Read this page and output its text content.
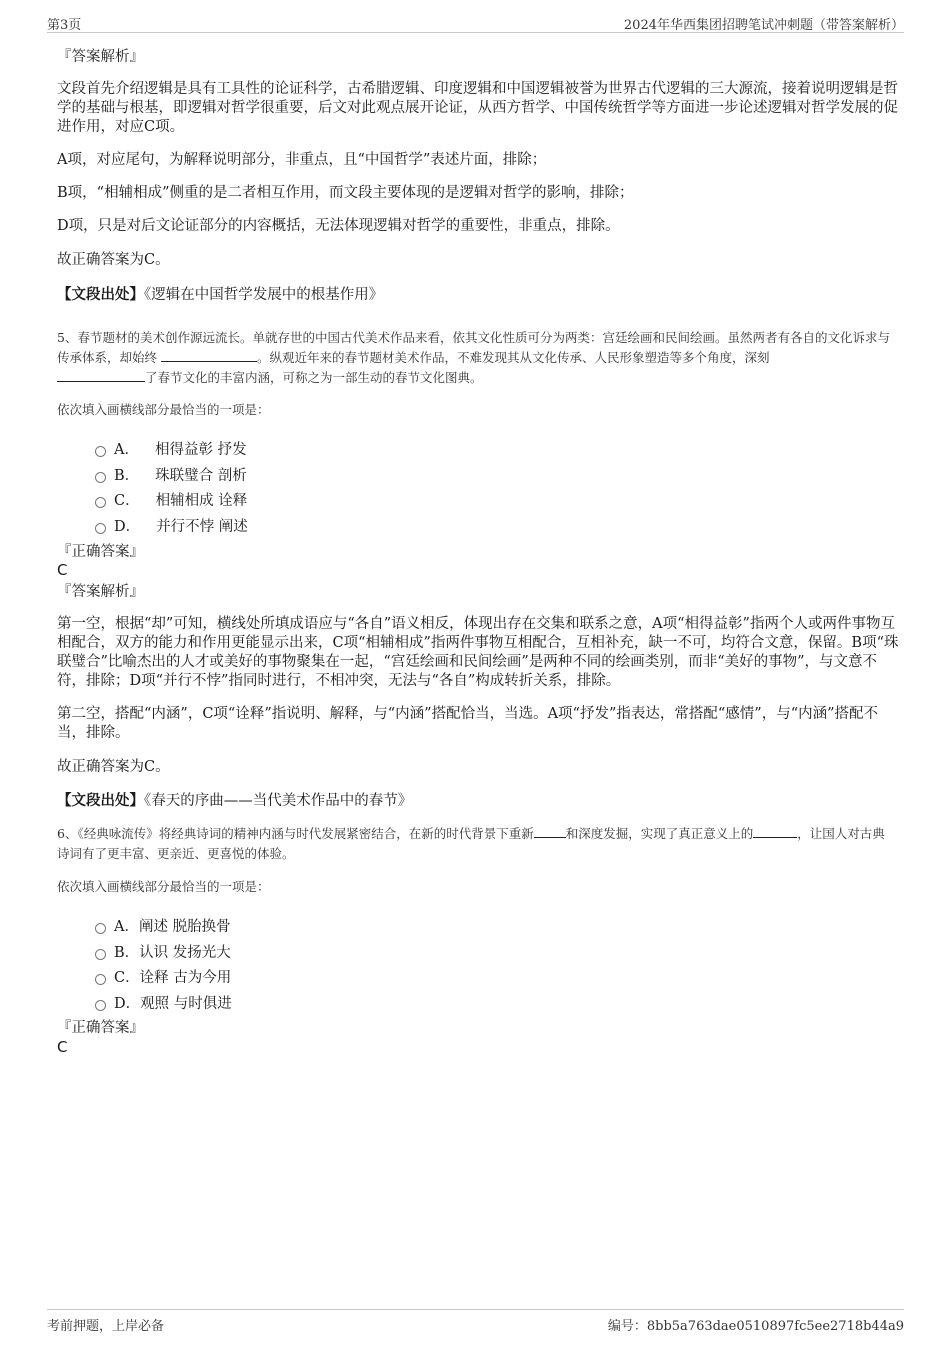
第3页	2024年华西集团招聘笔试冲刺题（带答案解析）

『答案解析』

文段首先介绍逻辑是具有工具性的论证科学，古希腊逻辑、印度逻辑和中国逻辑被誉为世界古代逻辑的三大源流，接着说明逻辑是哲学的基础与根基，即逻辑对哲学很重要，后文对此观点展开论证，从西方哲学、中国传统哲学等方面进一步论述逻辑对哲学发展的促进作用，对应C项。

A项，对应尾句，为解释说明部分，非重点，且“中国哲学”表述片面，排除；

B项，“相辅相成”侧重的是二者相互作用，而文段主要体现的是逻辑对哲学的影响，排除；

D项，只是对后文论证部分的内容概括，无法体现逻辑对哲学的重要性，非重点，排除。

故正确答案为C。

【文段出处】《逻辑在中国哲学发展中的根基作用》

5、春节题材的美术创作源远流长。单就存世的中国古代美术作品来看，依其文化性质可分为两类：宫廷绘画和民间绘画。虽然两者有各自的文化诉求与传承体系，却始终	。纵观近年来的春节题材美术作品，不难发现其从文化传承、人民形象塑造等多个角度，深刻
了春节文化的丰富内涵，可称之为一部生动的春节文化图典。

依次填入画横线部分最恰当的一项是：

A． 相得益彰 抒发
B． 珠联璧合 剖析
C． 相辅相成 诠释
D． 并行不悖 阐述

『正确答案』

C

『答案解析』

第一空，根据“却”可知，横线处所填成语应与“各自”语义相反，体现出存在交集和联系之意，A项“相得益彰”指两个人或两件事物互相配合，双方的能力和作用更能显示出来，C项“相辅相成”指两件事物互相配合，互相补充，缺一不可，均符合文意，保留。B项“珠联璧合”比喻杰出的人才或美好的事物聚集在一起，“宫廷绘画和民间绘画”是两种不同的绘画类别，而非“美好的事物”，与文意不符，排除；D项“并行不悖”指同时进行，不相冲突，无法与“各自”构成转折关系，排除。

第二空，搭配“内涵”，C项“诠释”指说明、解释，与“内涵”搭配恰当，当选。A项“抒发”指表达，常搭配“感情”，与“内涵”搭配不当，排除。

故正确答案为C。

【文段出处】《春天的序曲——当代美术作品中的春节》

6、《经典咏流传》将经典诗词的精神内涵与时代发展紧密结合，在新的时代背景下重新	和深度发掘，实现了真正意义上的	，让国人对古典诗词有了更丰富、更亲近、更喜悦的体验。

依次填入画横线部分最恰当的一项是：

A．阐述 脱胎换骨
B．认识 发扬光大
C．诠释 古为今用
D．观照 与时俱进

『正确答案』

C
考前押题，上岸必备	编号：8bb5a763dae0510897fc5ee2718b44a9
